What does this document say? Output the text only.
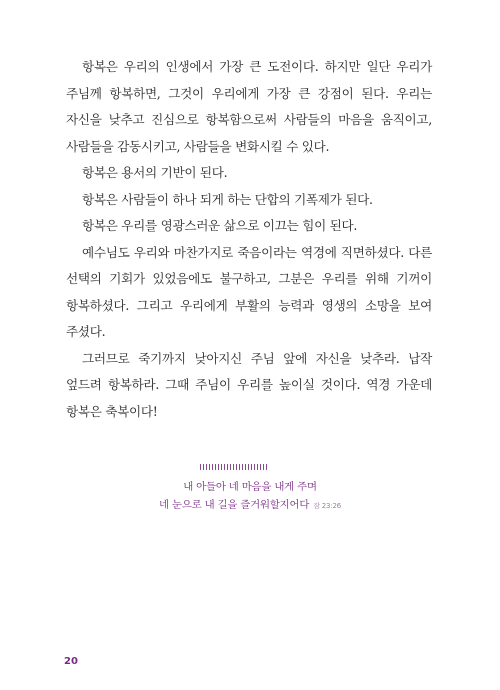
항복은 우리의 인생에서 가장 큰 도전이다. 하지만 일단 우리가 주님께 항복하면, 그것이 우리에게 가장 큰 강점이 된다. 우리는 자신을 낮추고 진심으로 항복함으로써 사람들의 마음을 움직이고, 사람들을 감동시키고, 사람들을 변화시킬 수 있다.

항복은 용서의 기반이 된다.

항복은 사람들이 하나 되게 하는 단합의 기폭제가 된다.

항복은 우리를 영광스러운 삶으로 이끄는 힘이 된다.

예수님도 우리와 마찬가지로 죽음이라는 역경에 직면하셨다. 다른 선택의 기회가 있었음에도 불구하고, 그분은 우리를 위해 기꺼이 항복하셨다. 그리고 우리에게 부활의 능력과 영생의 소망을 보여 주셨다.

그러므로 죽기까지 낮아지신 주님 앞에 자신을 낮추라. 납작 엎드려 항복하라. 그때 주님이 우리를 높이실 것이다. 역경 가운데 항복은 축복이다!

내 아들아 네 마음을 내게 주며
네 눈으로 내 길을 즐거워할지어다 잠 23:26
20
